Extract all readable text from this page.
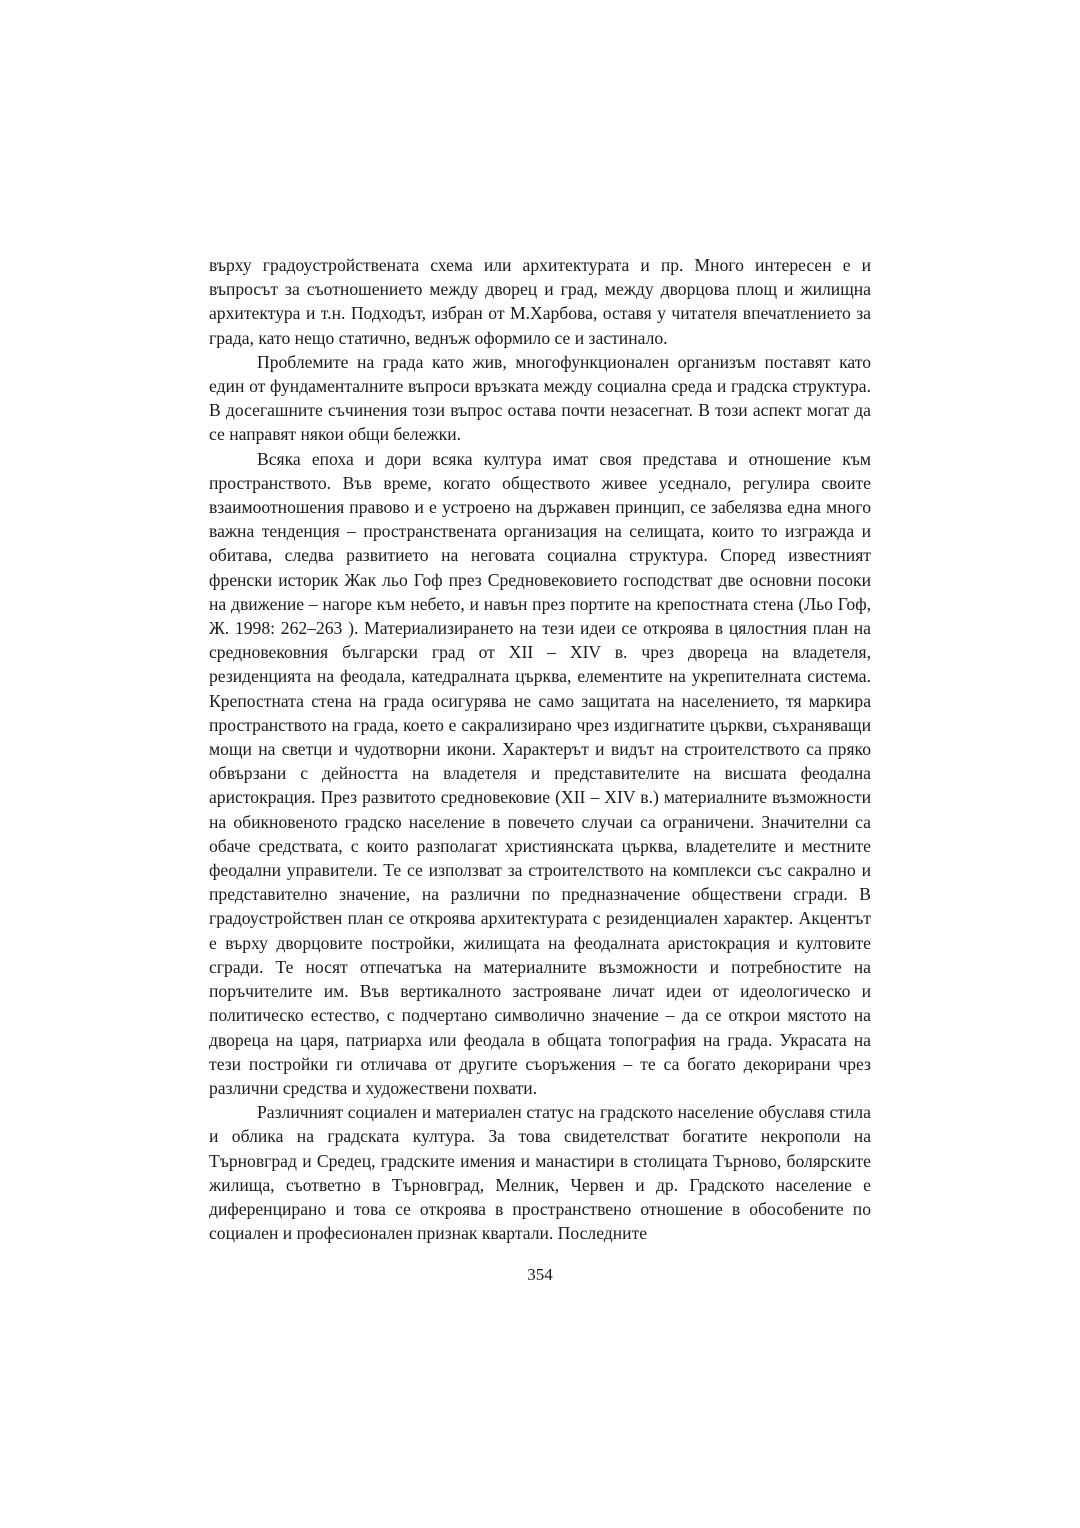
върху градоустройствената схема или архитектурата и пр. Много интересен е и въпросът за съотношението между дворец и град, между дворцова площ и жилищна архитектура и т.н. Подходът, избран от М.Харбова, оставя у читателя впечатлението за града, като нещо статично, веднъж оформило се и застинало.

Проблемите на града като жив, многофункционален организъм поставят като един от фундаменталните въпроси връзката между социална среда и градска структура. В досегашните съчинения този въпрос остава почти незасегнат. В този аспект могат да се направят някои общи бележки.

Всяка епоха и дори всяка култура имат своя представа и отношение към пространството. Във време, когато обществото живее уседнало, регулира своите взаимоотношения правово и е устроено на държавен принцип, се забелязва една много важна тенденция – пространствената организация на селищата, които то изгражда и обитава, следва развитието на неговата социална структура. Според известният френски историк Жак льо Гоф през Средновековието господстват две основни посоки на движение – нагоре към небето, и навън през портите на крепостната стена (Льо Гоф, Ж. 1998: 262–263 ). Материализирането на тези идеи се откроява в цялостния план на средновековния български град от XII – XIV в. чрез двореца на владетеля, резиденцията на феодала, катедралната църква, елементите на укрепителната система. Крепостната стена на града осигурява не само защитата на населението, тя маркира пространството на града, което е сакрализирано чрез издигнатите църкви, съхраняващи мощи на светци и чудотворни икони. Характерът и видът на строителството са пряко обвързани с дейността на владетеля и представителите на висшата феодална аристокрация. През развитото средновековие (XII – XIV в.) материалните възможности на обикновеното градско население в повечето случаи са ограничени. Значителни са обаче средствата, с които разполагат християнската църква, владетелите и местните феодални управители. Те се използват за строителството на комплекси със сакрално и представително значение, на различни по предназначение обществени сгради. В градоустройствен план се откроява архитектурата с резиденциален характер. Акцентът е върху дворцовите постройки, жилищата на феодалната аристокрация и култовите сгради. Те носят отпечатъка на материалните възможности и потребностите на поръчителите им. Във вертикалното застрояване личат идеи от идеологическо и политическо естество, с подчертано символично значение – да се открои мястото на двореца на царя, патриарха или феодала в общата топография на града. Украсата на тези постройки ги отличава от другите съоръжения – те са богато декорирани чрез различни средства и художествени похвати.

Различният социален и материален статус на градското население обуславя стила и облика на градската култура. За това свидетелстват богатите некрополи на Търновград и Средец, градските имения и манастири в столицата Търново, болярските жилища, съответно в Търновград, Мелник, Червен и др. Градското население е диференцирано и това се откроява в пространствено отношение в обособените по социален и професионален признак квартали. Последните

354
